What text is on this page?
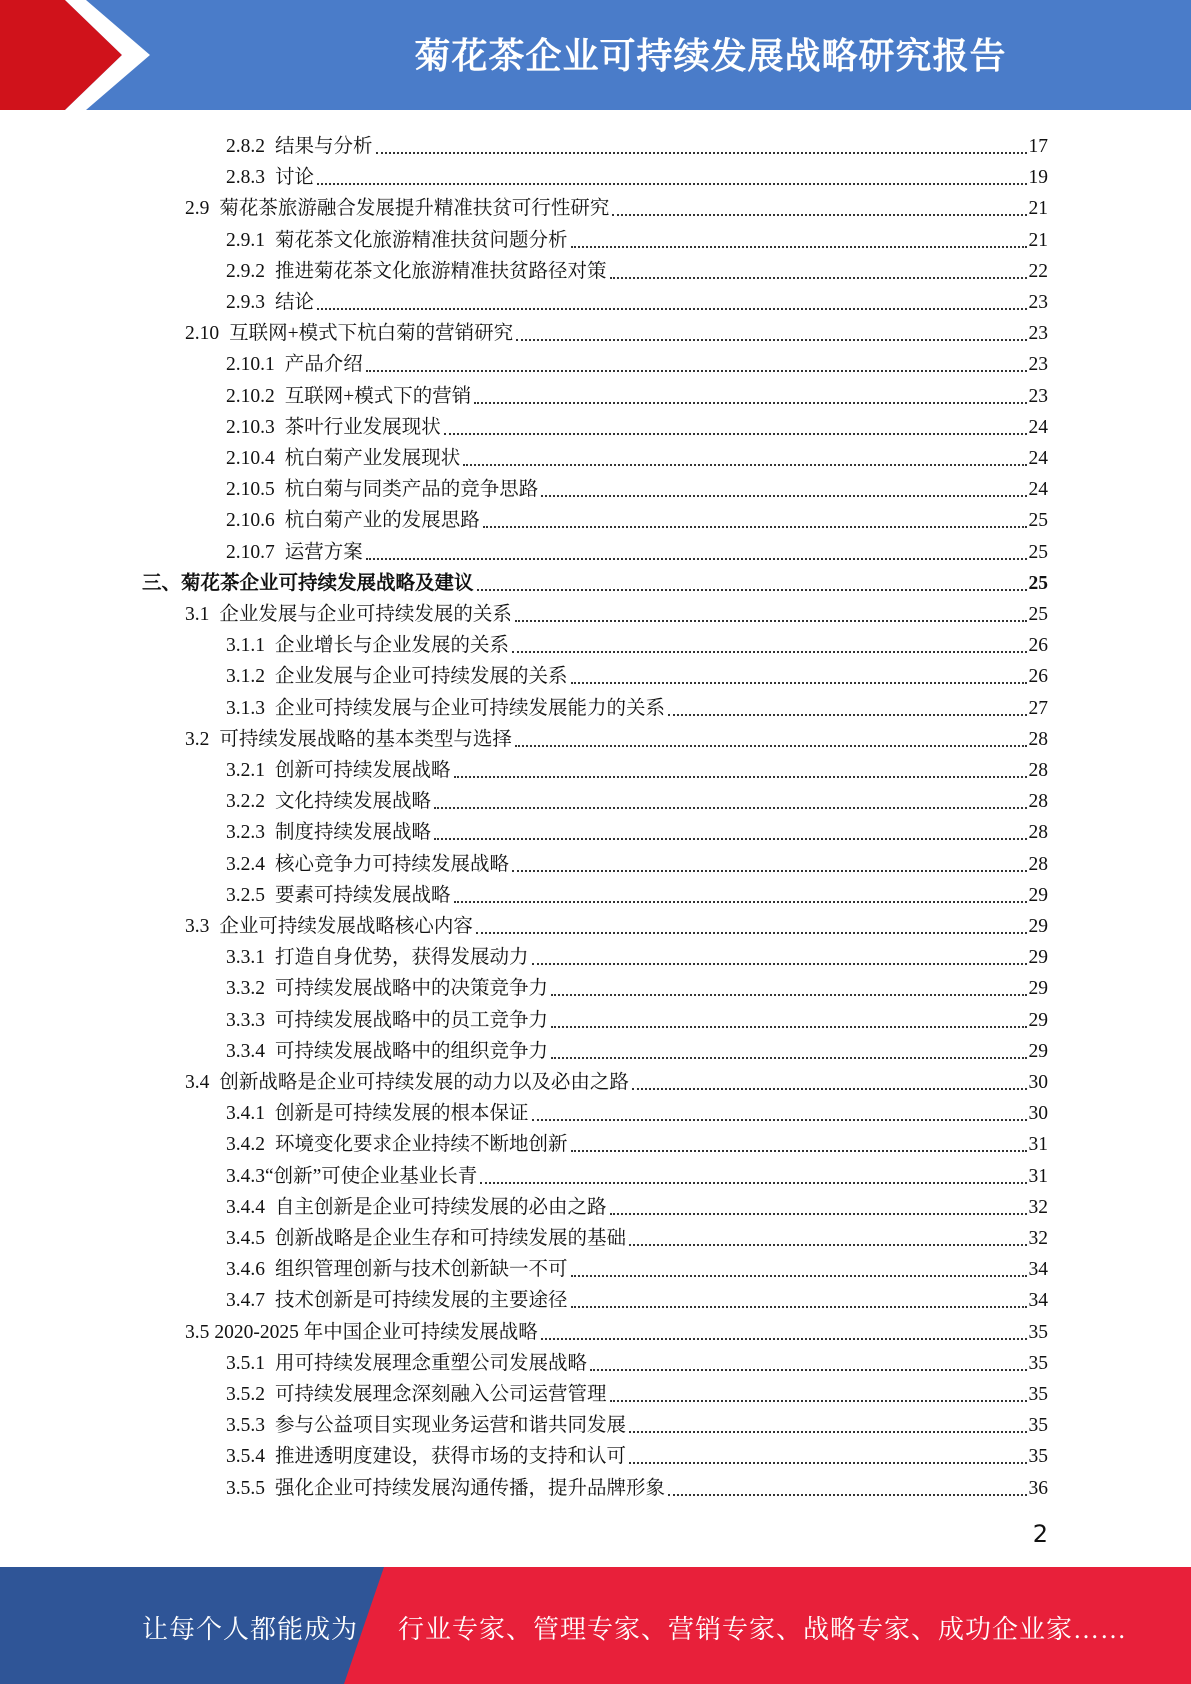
菊花茶企业可持续发展战略研究报告
2.8.2 结果与分析	17
2.8.3 讨论	19
2.9 菊花茶旅游融合发展提升精准扶贫可行性研究	21
2.9.1 菊花茶文化旅游精准扶贫问题分析	21
2.9.2 推进菊花茶文化旅游精准扶贫路径对策	22
2.9.3 结论	23
2.10 互联网+模式下杭白菊的营销研究	23
2.10.1 产品介绍	23
2.10.2 互联网+模式下的营销	23
2.10.3 茶叶行业发展现状	24
2.10.4 杭白菊产业发展现状	24
2.10.5 杭白菊与同类产品的竞争思路	24
2.10.6 杭白菊产业的发展思路	25
2.10.7 运营方案	25
三、菊花茶企业可持续发展战略及建议	25
3.1 企业发展与企业可持续发展的关系	25
3.1.1 企业增长与企业发展的关系	26
3.1.2 企业发展与企业可持续发展的关系	26
3.1.3 企业可持续发展与企业可持续发展能力的关系	27
3.2 可持续发展战略的基本类型与选择	28
3.2.1 创新可持续发展战略	28
3.2.2 文化持续发展战略	28
3.2.3 制度持续发展战略	28
3.2.4 核心竞争力可持续发展战略	28
3.2.5 要素可持续发展战略	29
3.3 企业可持续发展战略核心内容	29
3.3.1 打造自身优势，获得发展动力	29
3.3.2 可持续发展战略中的决策竞争力	29
3.3.3 可持续发展战略中的员工竞争力	29
3.3.4 可持续发展战略中的组织竞争力	29
3.4 创新战略是企业可持续发展的动力以及必由之路	30
3.4.1 创新是可持续发展的根本保证	30
3.4.2 环境变化要求企业持续不断地创新	31
3.4.3 “创新”可使企业基业长青	31
3.4.4 自主创新是企业可持续发展的必由之路	32
3.4.5 创新战略是企业生存和可持续发展的基础	32
3.4.6 组织管理创新与技术创新缺一不可	34
3.4.7 技术创新是可持续发展的主要途径	34
3.5 2020-2025 年中国企业可持续发展战略	35
3.5.1 用可持续发展理念重塑公司发展战略	35
3.5.2 可持续发展理念深刻融入公司运营管理	35
3.5.3 参与公益项目实现业务运营和谐共同发展	35
3.5.4 推进透明度建设，获得市场的支持和认可	35
3.5.5 强化企业可持续发展沟通传播，提升品牌形象	36
2
让每个人都能成为 行业专家、管理专家、营销专家、战略专家、成功企业家……
